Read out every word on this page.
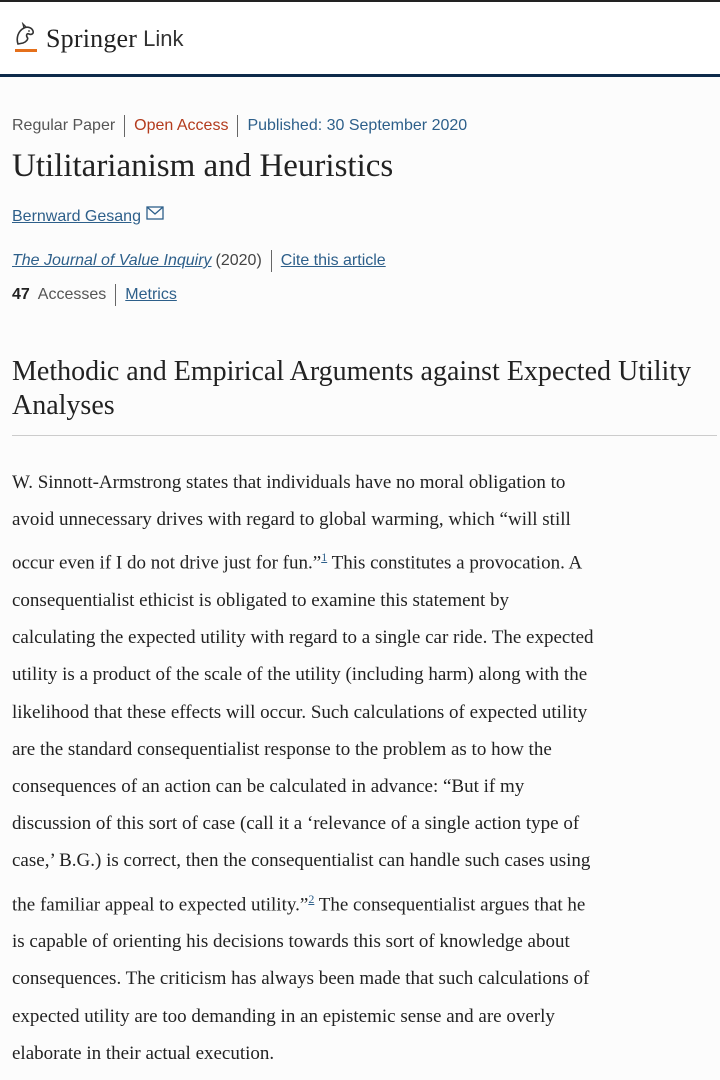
Springer Link
Regular Paper Open Access Published: 30 September 2020
Utilitarianism and Heuristics
Bernward Gesang
The Journal of Value Inquiry (2020) Cite this article
47 Accesses Metrics
Methodic and Empirical Arguments against Expected Utility Analyses
W. Sinnott-Armstrong states that individuals have no moral obligation to
avoid unnecessary drives with regard to global warming, which “will still
occur even if I do not drive just for fun.”$^1$ This constitutes a provocation. A
consequentialist ethicist is obligated to examine this statement by
calculating the expected utility with regard to a single car ride. The expected
utility is a product of the scale of the utility (including harm) along with the
likelihood that these effects will occur. Such calculations of expected utility
are the standard consequentialist response to the problem as to how the
consequences of an action can be calculated in advance: “But if my
discussion of this sort of case (call it a ‘relevance of a single action type of
case,’ B.G.) is correct, then the consequentialist can handle such cases using
the familiar appeal to expected utility.”$^2$ The consequentialist argues that he
is capable of orienting his decisions towards this sort of knowledge about
consequences. The criticism has always been made that such calculations of
expected utility are too demanding in an epistemic sense and are overly
elaborate in their actual execution.
